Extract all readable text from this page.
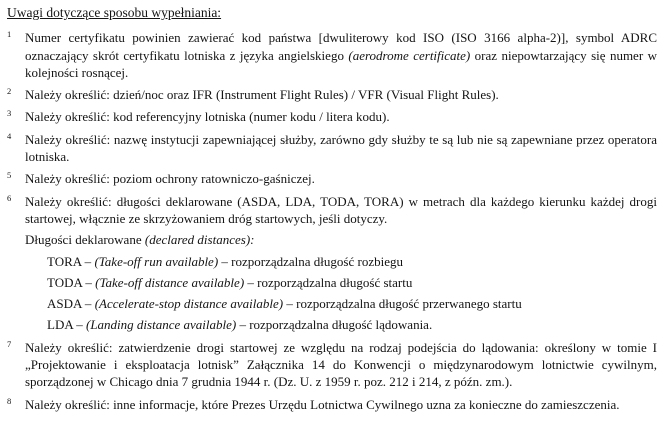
Uwagi dotyczące sposobu wypełniania:
1 Numer certyfikatu powinien zawierać kod państwa [dwuliterowy kod ISO (ISO 3166 alpha-2)], symbol ADRC oznaczający skrót certyfikatu lotniska z języka angielskiego (aerodrome certificate) oraz niepowtarzający się numer w kolejności rosnącej.

2 Należy określić: dzień/noc oraz IFR (Instrument Flight Rules) / VFR (Visual Flight Rules).

3 Należy określić: kod referencyjny lotniska (numer kodu / litera kodu).

4 Należy określić: nazwę instytucji zapewniającej służby, zarówno gdy służby te są lub nie są zapewniane przez operatora lotniska.

5 Należy określić: poziom ochrony ratowniczo-gaśniczej.

6 Należy określić: długości deklarowane (ASDA, LDA, TODA, TORA) w metrach dla każdego kierunku każdej drogi startowej, włącznie ze skrzyżowaniem dróg startowych, jeśli dotyczy.

Długości deklarowane (declared distances):

TORA – (Take-off run available) – rozporządzalna długość rozbiegu

TODA – (Take-off distance available) – rozporządzalna długość startu

ASDA – (Accelerate-stop distance available) – rozporządzalna długość przerwanego startu

LDA – (Landing distance available) – rozporządzalna długość lądowania.

7 Należy określić: zatwierdzenie drogi startowej ze względu na rodzaj podejścia do lądowania: określony w tomie I „Projektowanie i eksploatacja lotnisk” Załącznika 14 do Konwencji o międzynarodowym lotnictwie cywilnym, sporządzonej w Chicago dnia 7 grudnia 1944 r. (Dz. U. z 1959 r. poz. 212 i 214, z późn. zm.).

8 Należy określić: inne informacje, które Prezes Urzędu Lotnictwa Cywilnego uzna za konieczne do zamieszczenia.
